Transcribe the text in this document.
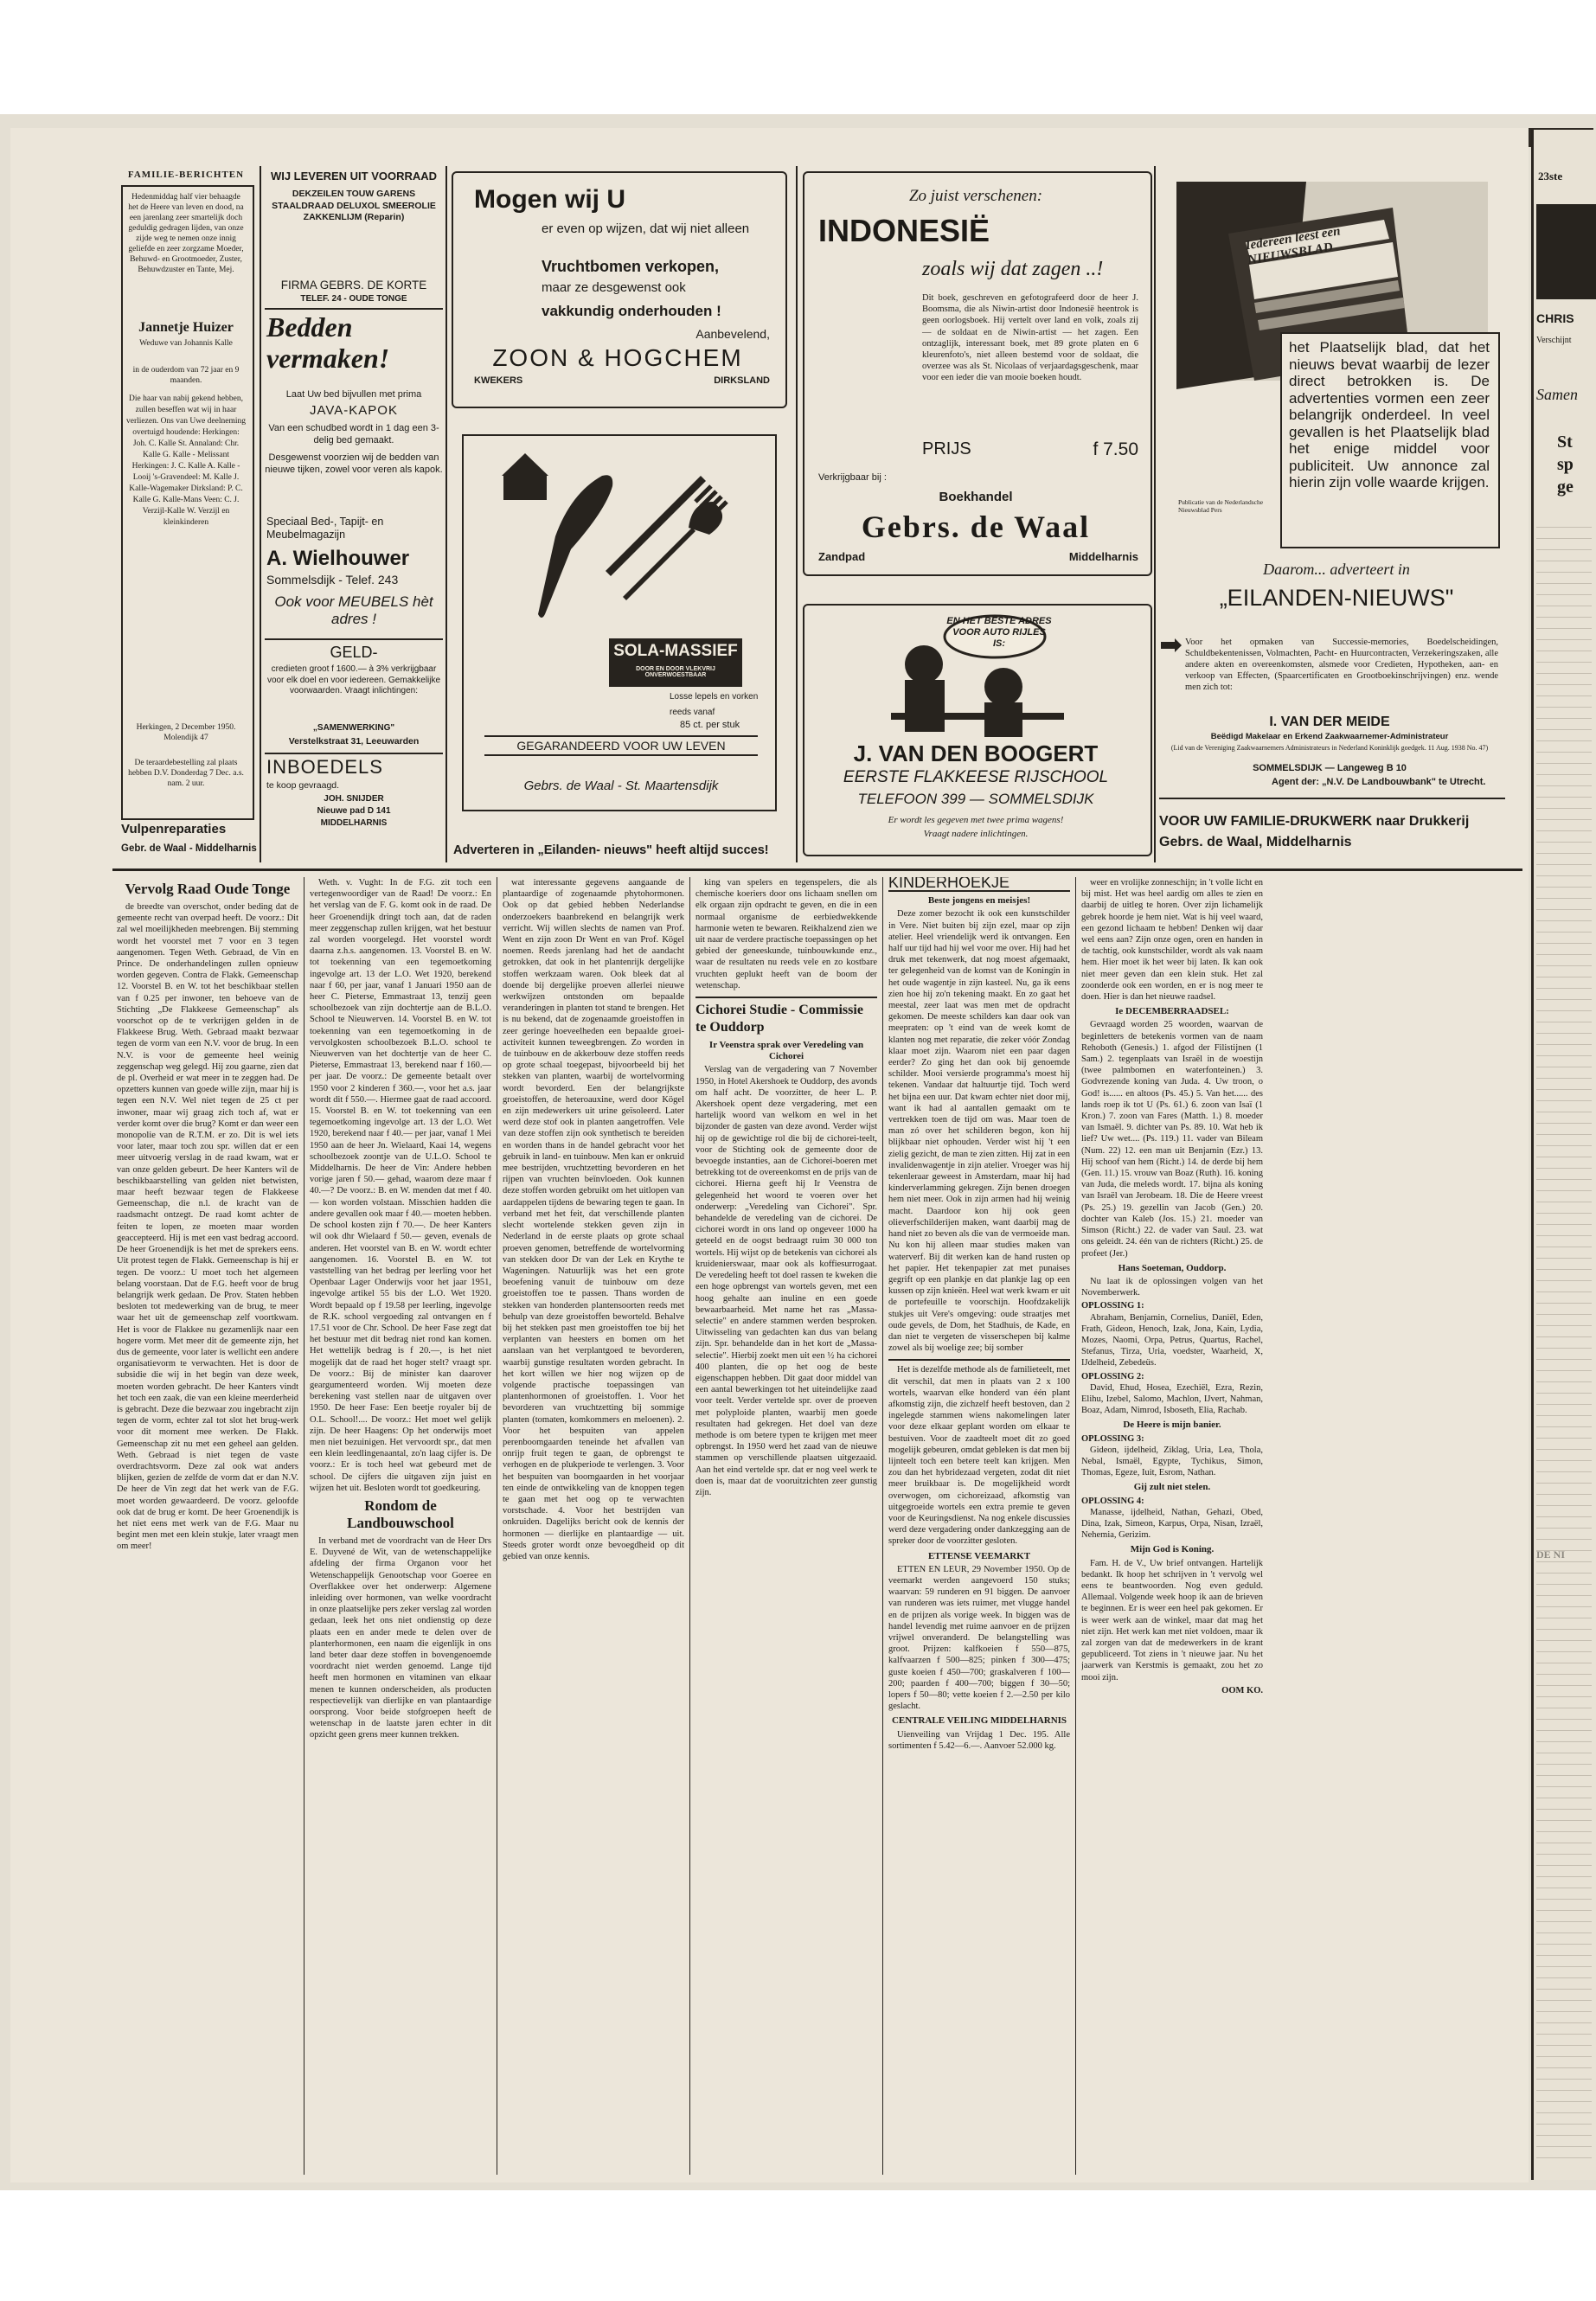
FAMILIE-BERICHTEN
Hedenmiddag half vier behaagde het de Heere van leven en dood, na een jarenlang zeer smartelijk doch geduldig gedragen lijden, van onze zijde weg te nemen onze innig geliefde en zeer zorgzame Moeder, Behuwd- en Grootmoeder, Zuster, Behuwdzuster en Tante, Mej.
Jannetje Huizer
Weduwe van Johannis Kalle
in de ouderdom van 72 jaar en 9 maanden.
Die haar van nabij gekend hebben, zullen beseffen wat wij in haar verliezen. Ons van Uwe deelneming overtuigd houdende: Herkingen: Joh. C. Kalle St. Annaland: Chr. Kalle G. Kalle - Melissant Herkingen: J. C. Kalle A. Kalle - Looij 's-Gravendeel: M. Kalle J. Kalle-Wagemaker Dirksland: P. C. Kalle G. Kalle-Mans Veen: C. J. Verzijl-Kalle W. Verzijl en kleinkinderen
Herkingen, 2 December 1950. Molendijk 47
De teraardebestelling zal plaats hebben D.V. Donderdag 7 Dec. a.s. nam. 2 uur.
Vulpenreparaties
Gebr. de Waal - Middelharnis
WIJ LEVEREN UIT VOORRAAD
DEKZEILEN TOUW GARENS STAALDRAAD DELUXOL SMEEROLIE ZAKKENLIJM (Reparin)
FIRMA GEBRS. DE KORTE
TELEF. 24 - OUDE TONGE
Bedden vermaken!
Laat Uw bed bijvullen met prima
JAVA-KAPOK
Van een schudbed wordt in 1 dag een 3-delig bed gemaakt.
Desgewenst voorzien wij de bedden van nieuwe tijken, zowel voor veren als kapok.
Speciaal Bed-, Tapijt- en Meubelmagazijn
A. Wielhouwer
Sommelsdijk - Telef. 243
Ook voor MEUBELS hèt adres !
GELD-
credieten groot f 1600.— à 3% verkrijgbaar voor elk doel en voor iedereen. Gemakkelijke voorwaarden. Vraagt inlichtingen:
„SAMENWERKING"
Verstelkstraat 31, Leeuwarden
INBOEDELS
te koop gevraagd.
JOH. SNIJDER
Nieuwe pad D 141
MIDDELHARNIS
Mogen wij U
er even op wijzen, dat wij niet alleen
Vruchtbomen verkopen,
maar ze desgewenst ook
vakkundig onderhouden !
Aanbevelend,
ZOON & HOGCHEM
KWEKERS	DIRKSLAND
SOLA-MASSIEF
DOOR EN DOOR VLEKVRIJ ONVERWOESTBAAR
Losse lepels en vorken
reeds vanaf
85 ct. per stuk
GEGARANDEERD VOOR UW LEVEN
Gebrs. de Waal - St. Maartensdijk
Adverteren in „Eilanden- nieuws" heeft altijd succes!
Zo juist verschenen:
INDONESIË
zoals wij dat zagen ..!
Dit boek, geschreven en gefotografeerd door de heer J. Boomsma, die als Niwin-artist door Indonesië heentrok is geen oorlogsboek. Hij vertelt over land en volk, zoals zij — de soldaat en de Niwin-artist — het zagen. Een ontzaglijk, interessant boek, met 89 grote platen en 6 kleurenfoto's, niet alleen bestemd voor de soldaat, die overzee was als St. Nicolaas of verjaardagsgeschenk, maar voor een ieder die van mooie boeken houdt.
PRIJS	f 7.50
Verkrijgbaar bij :
Boekhandel
Gebrs. de Waal
Zandpad	Middelharnis
EN HET BESTE ADRES VOOR AUTO RIJLES IS:
J. VAN DEN BOOGERT
EERSTE FLAKKEESE RIJSCHOOL
TELEFOON 399 — SOMMELSDIJK
Er wordt les gegeven met twee prima wagens!
Vraagt nadere inlichtingen.
Iedereen leest een NIEUWSBLAD
het Plaatselijk blad, dat het nieuws bevat waarbij de lezer direct betrokken is. De advertenties vormen een zeer belangrijk onderdeel. In veel gevallen is het Plaatselijk blad het enige middel voor publiciteit. Uw annonce zal hierin zijn volle waarde krijgen.
Publicatie van de Nederlandsche Nieuwsblad Pers
Daarom... adverteert in
„EILANDEN-NIEUWS"
Voor het opmaken van Successie-memories, Boedelscheidingen, Schuldbekentenissen, Volmachten, Pacht- en Huurcontracten, Verzekeringszaken, alle andere akten en overeenkomsten, alsmede voor Credieten, Hypotheken, aan- en verkoop van Effecten, (Spaarcertificaten en Grootboekinschrijvingen) enz. wende men zich tot:
I. VAN DER MEIDE
Beëdigd Makelaar en Erkend Zaakwaarnemer-Administrateur
(Lid van de Vereniging Zaakwaarnemers Administrateurs in Nederland Koninklijk goedgek. 11 Aug. 1938 No. 47)
SOMMELSDIJK — Langeweg B 10
Agent der: „N.V. De Landbouwbank" te Utrecht.
VOOR UW FAMILIE-DRUKWERK naar Drukkerij Gebrs. de Waal, Middelharnis
Vervolg Raad Oude Tonge

de breedte van overschot, onder beding dat de gemeente recht van overpad heeft. De voorz.: Dit zal wel moeilijkheden meebrengen. Bij stemming wordt het voorstel met 7 voor en 3 tegen aangenomen. Tegen Weth. Gebraad, de Vin en Prince. De onderhandelingen zullen opnieuw worden gegeven. Contra de Flakk. Gemeenschap 12. Voorstel B. en W. tot het beschikbaar stellen van f 0.25 per inwoner, ten behoeve van de Stichting „De Flakkeese Gemeenschap" als voorschot op de te verkrijgen gelden in de Flakkeese Brug. Weth. Gebraad maakt bezwaar tegen de vorm van een N.V. voor de brug. In een N.V. is voor de gemeente heel weinig zeggenschap weg gelegd. Hij zou gaarne, zien dat de pl. Overheid er wat meer in te zeggen had. De opzetters kunnen van goede wille zijn, maar hij is tegen een N.V. Wel niet tegen de 25 ct per inwoner, maar wij graag zich toch af, wat er verder komt over die brug? Komt er dan weer een monopolie van de R.T.M. er zo. Dit is wel iets voor later, maar toch zou spr. willen dat er een meer uitvoerig verslag in de raad kwam, wat er van onze gelden gebeurt. De heer Kanters wil de beschikbaarstelling van gelden niet betwisten, maar heeft bezwaar tegen de Flakkeese Gemeenschap, die n.l. de kracht van de raadsmacht ontzegt. De raad komt achter de feiten te lopen, ze moeten maar worden geaccepteerd. Hij is met een vast bedrag accoord. De heer Groenendijk is het met de sprekers eens. Uit protest tegen de Flakk. Gemeenschap is hij er tegen. De voorz.: U moet toch het algemeen belang voorstaan. Dat de F.G. heeft voor de brug belangrijk werk gedaan. De Prov. Staten hebben besloten tot medewerking van de brug, te meer waar het uit de gemeenschap zelf voortkwam. Het is voor de Flakkee nu gezamenlijk naar een hogere vorm. Met meer dit de gemeente zijn, het dus de gemeente, voor later is wellicht een andere organisatievorm te verwachten. Het is door de subsidie die wij in het begin van deze week, moeten worden gebracht. De heer Kanters vindt het toch een zaak, die van een kleine meerderheid is gebracht. Deze die bezwaar zou ingebracht zijn tegen de vorm, echter zal tot slot het brug-werk voor dit moment mee werken. De Flakk. Gemeenschap zit nu met een geheel aan gelden. Weth. Gebraad is niet tegen de vaste overdrachtsvorm. Deze zal ook wat anders blijken, gezien de zelfde de vorm dat er dan N.V. De heer de Vin zegt dat het werk van de F.G. moet worden gewaardeerd. De voorz. geloofde ook dat de brug er komt. De heer Groenendijk is het niet eens met werk van de F.G. Maar nu begint men met een klein stukje, later vraagt men om meer!

Weth. v. Vught: In de F.G. zit toch een vertegenwoordiger van de Raad! De voorz.: En het verslag van de F. G. komt ook in de raad. De heer Groenendijk dringt toch aan, dat de raden meer zeggenschap zullen krijgen, wat het bestuur zal worden voorgelegd. Het voorstel wordt daarna z.h.s. aangenomen. 13. Voorstel B. en W. tot toekenning van een tegemoetkoming ingevolge art. 13 der L.O. Wet 1920, berekend naar f 60, per jaar, vanaf 1 Januari 1950 aan de heer C. Pieterse, Emmastraat 13, tenzij geen schoolbezoek van zijn dochtertje aan de B.L.O. School te Nieuwerven. 14. Voorstel B. en W. tot toekenning van een tegemoetkoming in de vervolgkosten schoolbezoek B.L.O. school te Nieuwerven van het dochtertje van de heer C. Pieterse, Emmastraat 13, berekend naar f 160.— per jaar. De voorz.: De gemeente betaalt over 1950 voor 2 kinderen f 360.—, voor het a.s. jaar wordt dit f 550.—. Hiermee gaat de raad accoord. 15. Voorstel B. en W. tot toekenning van een tegemoetkoming ingevolge art. 13 der L.O. Wet 1920, berekend naar f 40.— per jaar, vanaf 1 Mei 1950 aan de heer Jn. Wielaard, Kaai 14, wegens schoolbezoek zoontje van de U.L.O. School te Middelharnis. De heer de Vin: Andere hebben vorige jaren f 50.— gehad, waarom deze maar f 40.—? De voorz.: B. en W. menden dat met f 40.— kon worden volstaan. Misschien hadden die andere gevallen ook maar f 40.— moeten hebben. De school kosten zijn f 70.—. De heer Kanters wil ook dhr Wielaard f 50.— geven, evenals de anderen. Het voorstel van B. en W. wordt echter aangenomen. 16. Voorstel B. en W. tot vaststelling van het bedrag per leerling voor het Openbaar Lager Onderwijs voor het jaar 1951, ingevolge artikel 55 bis der L.O. Wet 1920. Wordt bepaald op f 19.58 per leerling, ingevolge de R.K. school vergoeding zal ontvangen en f 17.51 voor de Chr. School. De heer Fase zegt dat het bestuur met dit bedrag niet rond kan komen. Het wettelijk bedrag is f 20.—, is het niet mogelijk dat de raad het hoger stelt? vraagt spr. De voorz.: Bij de minister kan daarover geargumenteerd worden. Wij moeten deze berekening vast stellen naar de uitgaven over 1950. De heer Fase: Een beetje royaler bij de O.L. School!.... De voorz.: Het moet wel gelijk zijn. De heer Haagens: Op het onderwijs moet men niet bezuinigen. Het vervoordt spr., dat men een klein leedlingenaantal, zo'n laag cijfer is. De voorz.: Er is toch heel wat gebeurd met de school. De cijfers die uitgaven zijn juist en wijzen het uit. Besloten wordt tot goedkeuring.

Rondom de Landbouwschool

In verband met de voordracht van de Heer Drs E. Duyvené de Wit, van de wetenschappelijke afdeling der firma Organon voor het Wetenschappelijk Genootschap voor Goeree en Overflakkee over het onderwerp: Algemene inleiding over hormonen, van welke voordracht in onze plaatselijke pers zeker verslag zal worden gedaan, leek het ons niet ondienstig op deze plaats een en ander mede te delen over de planterhormonen, een naam die eigenlijk in ons land beter daar deze stoffen in bovengenoemde voordracht niet werden genoemd. Lange tijd heeft men hormonen en vitaminen van elkaar menen te kunnen onderscheiden, als producten respectievelijk van dierlijke en van plantaardige oorsprong. Voor beide stofgroepen heeft de wetenschap in de laatste jaren echter in dit opzicht geen grens meer kunnen trekken.

wat interessante gegevens aangaande de plantaardige of zogenaamde phytohormonen. Ook op dat gebied hebben Nederlandse onderzoekers baanbrekend en belangrijk werk verricht. Wij willen slechts de namen van Prof. Went en zijn zoon Dr Went en van Prof. Kögel noemen. Reeds jarenlang had het de aandacht getrokken, dat ook in het plantenrijk dergelijke stoffen werkzaam waren. Ook bleek dat al doende bij dergelijke proeven allerlei nieuwe werkwijzen ontstonden om bepaalde veranderingen in planten tot stand te brengen. Het is nu bekend, dat de zogenaamde groeistoffen in zeer geringe hoeveelheden een bepaalde groei-activiteit kunnen teweegbrengen. Zo worden in de tuinbouw en de akkerbouw deze stoffen reeds op grote schaal toegepast, bijvoorbeeld bij het stekken van planten, waarbij de wortelvorming wordt bevorderd. Een der belangrijkste groeistoffen, de heteroauxine, werd door Kögel en zijn medewerkers uit urine geïsoleerd. Later werd deze stof ook in planten aangetroffen. Vele van deze stoffen zijn ook synthetisch te bereiden en worden thans in de handel gebracht voor het gebruik in land- en tuinbouw. Men kan er onkruid mee bestrijden, vruchtzetting bevorderen en het rijpen van vruchten beïnvloeden. Ook kunnen deze stoffen worden gebruikt om het uitlopen van aardappelen tijdens de bewaring tegen te gaan. In verband met het feit, dat verschillende planten slecht wortelende stekken geven zijn in Nederland in de eerste plaats op grote schaal proeven genomen, betreffende de wortelvorming van stekken door Dr van der Lek en Krythe te Wageningen. Natuurlijk was het een grote beoefening vanuit de tuinbouw om deze groeistoffen toe te passen. Thans worden de stekken van honderden plantensoorten reeds met behulp van deze groeistoffen beworteld. Behalve bij het stekken past men groeistoffen toe bij het verplanten van heesters en bomen om het aanslaan van het verplantgoed te bevorderen, waarbij gunstige resultaten worden gebracht. In het kort willen we hier nog wijzen op de volgende practische toepassingen van plantenhormonen of groeistoffen. 1. Voor het bevorderen van vruchtzetting bij sommige planten (tomaten, komkommers en meloenen). 2. Voor het bespuiten van appelen perenboomgaarden teneinde het afvallen van onrijp fruit tegen te gaan, de opbrengst te verhogen en de plukperiode te verlengen. 3. Voor het bespuiten van boomgaarden in het voorjaar ten einde de ontwikkeling van de knoppen tegen te gaan met het oog op te verwachten vorstschade. 4. Voor het bestrijden van onkruiden. Dagelijks bericht ook de kennis der hormonen — dierlijke en plantaardige — uit. Steeds groter wordt onze bevoegdheid op dit gebied van onze kennis.

king van spelers en tegenspelers, die als chemische koeriers door ons lichaam snellen om elk orgaan zijn opdracht te geven, en die in een normaal organisme de eerbiedwekkende harmonie weten te bewaren. Reikhalzend zien we uit naar de verdere practische toepassingen op het gebied der geneeskunde, tuinbouwkunde enz., waar de resultaten nu reeds vele en zo kostbare vruchten geplukt heeft van de boom der wetenschap.

Cichorei Studie - Commissie te Ouddorp
Ir Veenstra sprak over Veredeling van Cichorei

Verslag van de vergadering van 7 November 1950, in Hotel Akershoek te Ouddorp, des avonds om half acht. De voorzitter, de heer L. P. Akershoek opent deze vergadering, met een hartelijk woord van welkom en wel in het bijzonder de gasten van deze avond. Verder wijst hij op de gewichtige rol die bij de cichorei-teelt, voor de Stichting ook de gemeente door de bevoegde instanties, aan de Cichorei-boeren met betrekking tot de overeenkomst en de prijs van de cichorei. Hierna geeft hij Ir Veenstra de gelegenheid het woord te voeren over het onderwerp: „Veredeling van Cichorei". Spr. behandelde de veredeling van de cichorei. De cichorei wordt in ons land op ongeveer 1000 ha geteeld en de oogst bedraagt ruim 30 000 ton wortels. Hij wijst op de betekenis van cichorei als kruidenierswaar, maar ook als koffiesurrogaat. De veredeling heeft tot doel rassen te kweken die een hoge opbrengst van wortels geven, met een hoog gehalte aan inuline en een goede bewaarbaarheid. Met name het ras „Massa-selectie" en andere stammen werden besproken. Uitwisseling van gedachten kan dus van belang zijn. Spr. behandelde dan in het kort de „Massa-selectie". Hierbij zoekt men uit een ½ ha cichorei 400 planten, die op het oog de beste eigenschappen hebben. Dit gaat door middel van een aantal bewerkingen tot het uiteindelijke zaad voor teelt. Verder vertelde spr. over de proeven met polyploide planten, waarbij men goede resultaten had gekregen. Het doel van deze methode is om betere typen te krijgen met meer opbrengst. In 1950 werd het zaad van de nieuwe stammen op verschillende plaatsen uitgezaaid. Aan het eind vertelde spr. dat er nog veel werk te doen is, maar dat de vooruitzichten zeer gunstig zijn.

KINDERHOEKJE
Beste jongens en meisjes!

Deze zomer bezocht ik ook een kunstschilder in Vere. Niet buiten bij zijn ezel, maar op zijn atelier. Heel vriendelijk werd ik ontvangen. Een half uur tijd had hij wel voor me over. Hij had het druk met tekenwerk, dat nog moest afgemaakt, ter gelegenheid van de komst van de Koningin in het oude wagentje in zijn kasteel. Nu, ga ik eens zien hoe hij zo'n tekening maakt. En zo gaat het meestal, zeer laat was men met de opdracht gekomen. De meeste schilders kan daar ook van meepraten: op 't eind van de week komt de klanten nog met reparatie, die zeker vóór Zondag klaar moet zijn. Waarom niet een paar dagen eerder? Zo ging het dan ook bij genoemde schilder. Mooi versierde programma's moest hij tekenen. Vandaar dat haltuurtje tijd. Toch werd het bijna een uur. Dat kwam echter niet door mij, want ik had al aantallen gemaakt om te vertrekken toen de tijd om was. Maar toen de man zó over het schilderen begon, kon hij blijkbaar niet ophouden. Verder wist hij 't een zielig gezicht, de man te zien zitten. Hij zat in een invalidenwagentje in zijn atelier. Vroeger was hij tekenleraar geweest in Amsterdam, maar hij had kinderverlamming gekregen. Zijn benen droegen hem niet meer. Ook in zijn armen had hij weinig macht. Daardoor kon hij ook geen olieverfschilderijen maken, want daarbij mag de hand niet zo beven als die van de vermoeide man. Nu kon hij alleen maar studies maken van waterverf. Bij dit werken kan de hand rusten op het papier. Het tekenpapier zat met punaises gegrift op een plankje en dat plankje lag op een kussen op zijn knieën. Heel wat werk kwam er uit de portefeuille te voorschijn. Hoofdzakelijk stukjes uit Vere's omgeving: oude straatjes met oude gevels, de Dom, het Stadhuis, de Kade, en dan niet te vergeten de visserschepen bij kalme zowel als bij woelige zee; bij somber

Het is dezelfde methode als de familieteelt, met dit verschil, dat men in plaats van 2 x 100 wortels, waarvan elke honderd van één plant afkomstig zijn, die zichzelf heeft bestoven, dan 2 ingelegde stammen wiens nakomelingen later voor deze elkaar geplant worden om elkaar te bestuiven. Voor de zaadteelt moet dit zo goed mogelijk gebeuren, omdat gebleken is dat men bij lijnteelt toch een betere teelt kan krijgen. Men zou dan het hybridezaad vergeten, zodat dit niet meer bruikbaar is. De mogelijkheid wordt overwogen, om cichoreizaad, afkomstig van uitgegroeide wortels een extra premie te geven voor de Keuringsdienst. Na nog enkele discussies werd deze vergadering onder dankzegging aan de spreker door de voorzitter gesloten.

ETTENSE VEEMARKT

ETTEN EN LEUR, 29 November 1950. Op de veemarkt werden aangevoerd 150 stuks; waarvan: 59 runderen en 91 biggen. De aanvoer van runderen was iets ruimer, met vlugge handel en de prijzen als vorige week. In biggen was de handel levendig met ruime aanvoer en de prijzen vrijwel onveranderd. De belangstelling was groot. Prijzen: kalfkoeien f 550—875, kalfvaarzen f 500—825; pinken f 300—475; guste koeien f 450—700; graskalveren f 100—200; paarden f 400—700; biggen f 30—50; lopers f 50—80; vette koeien f 2.—2.50 per kilo geslacht.

CENTRALE VEILING MIDDELHARNIS

Uienveiling van Vrijdag 1 Dec. 195. Alle sortimenten f 5.42—6.—. Aanvoer 52.000 kg.

weer en vrolijke zonneschijn; in 't volle licht en bij mist. Het was heel aardig om alles te zien en daarbij de uitleg te horen. Over zijn lichamelijk gebrek hoorde je hem niet. Wat is hij veel waard, een gezond lichaam te hebben! Denken wij daar wel eens aan? Zijn onze ogen, oren en handen in de tachtig, ook kunstschilder, wordt als vak naam hem. Hier moet ik het weer bij laten. Ik kan ook niet meer geven dan een klein stuk. Het zal zoonderde ook een worden, en er is nog meer te doen. Hier is dan het nieuwe raadsel.

Ie DECEMBERRAADSEL:

Gevraagd worden 25 woorden, waarvan de beginletters de betekenis vormen van de naam Rehoboth (Genesis.) 1. afgod der Filistijnen (1 Sam.) 2. tegenplaats van Israël in de woestijn (twee palmbomen en waterfonteinen.) 3. Godvrezende koning van Juda. 4. Uw troon, o God! is...... en altoos (Ps. 45.) 5. Van het...... des lands roep ik tot U (Ps. 61.) 6. zoon van Isaï (1 Kron.) 7. zoon van Fares (Matth. 1.) 8. moeder van Ismaël. 9. dichter van Ps. 89. 10. Wat heb ik lief? Uw wet.... (Ps. 119.) 11. vader van Bileam (Num. 22) 12. een man uit Benjamin (Ezr.) 13. Hij schoof van hem (Richt.) 14. de derde bij hem (Gen. 11.) 15. vrouw van Boaz (Ruth). 16. koning van Juda, die meleds wordt. 17. bijna als koning van Israël van Jerobeam. 18. Die de Heere vreest (Ps. 25.) 19. gezellin van Jacob (Gen.) 20. dochter van Kaleb (Jos. 15.) 21. moeder van Simson (Richt.) 22. de vader van Saul. 23. wat ons geleidt. 24. één van de richters (Richt.) 25. de profeet (Jer.)

Hans Soeteman, Ouddorp.

Nu laat ik de oplossingen volgen van het Novemberwerk.

OPLOSSING 1:

Abraham, Benjamin, Cornelius, Daniël, Eden, Frath, Gideon, Henoch, Izak, Jona, Kain, Lydia, Mozes, Naomi, Orpa, Petrus, Quartus, Rachel, Stefanus, Tirza, Uria, voedster, Waarheid, X, IJdelheid, Zebedeüs.

OPLOSSING 2:

David, Ehud, Hosea, Ezechiël, Ezra, Rezin, Elihu, Izebel, Salomo, Machlon, IJvert, Nahman, Boaz, Adam, Nimrod, Isboseth, Elia, Rachab.

De Heere is mijn banier.
OPLOSSING 3:

Gideon, ijdelheid, Ziklag, Uria, Lea, Thola, Nebal, Ismaël, Egypte, Tychikus, Simon, Thomas, Egeze, Iuit, Esrom, Nathan.

Gij zult niet stelen.
OPLOSSING 4:

Manasse, ijdelheid, Nathan, Gehazi, Obed, Dina, Izak, Simeon, Karpus, Orpa, Nisan, Izraël, Nehemia, Gerizim.

Mijn God is Koning.

Fam. H. de V., Uw brief ontvangen. Hartelijk bedankt. Ik hoop het schrijven in 't vervolg wel eens te beantwoorden. Nog even geduld. Allemaal. Volgende week hoop ik aan de brieven te beginnen. Er is weer een heel pak gekomen. Er is weer werk aan de winkel, maar dat mag het niet zijn. Het werk kan met niet voldoen, maar ik zal zorgen van dat de medewerkers in de krant gepubliceerd. Tot ziens in 't nieuwe jaar. Nu het jaarwerk van Kerstmis is gemaakt, zou het zo mooi zijn.

OOM KO.
23ste
CHRIS
Verschijnt
Samen
St
sp
ge
